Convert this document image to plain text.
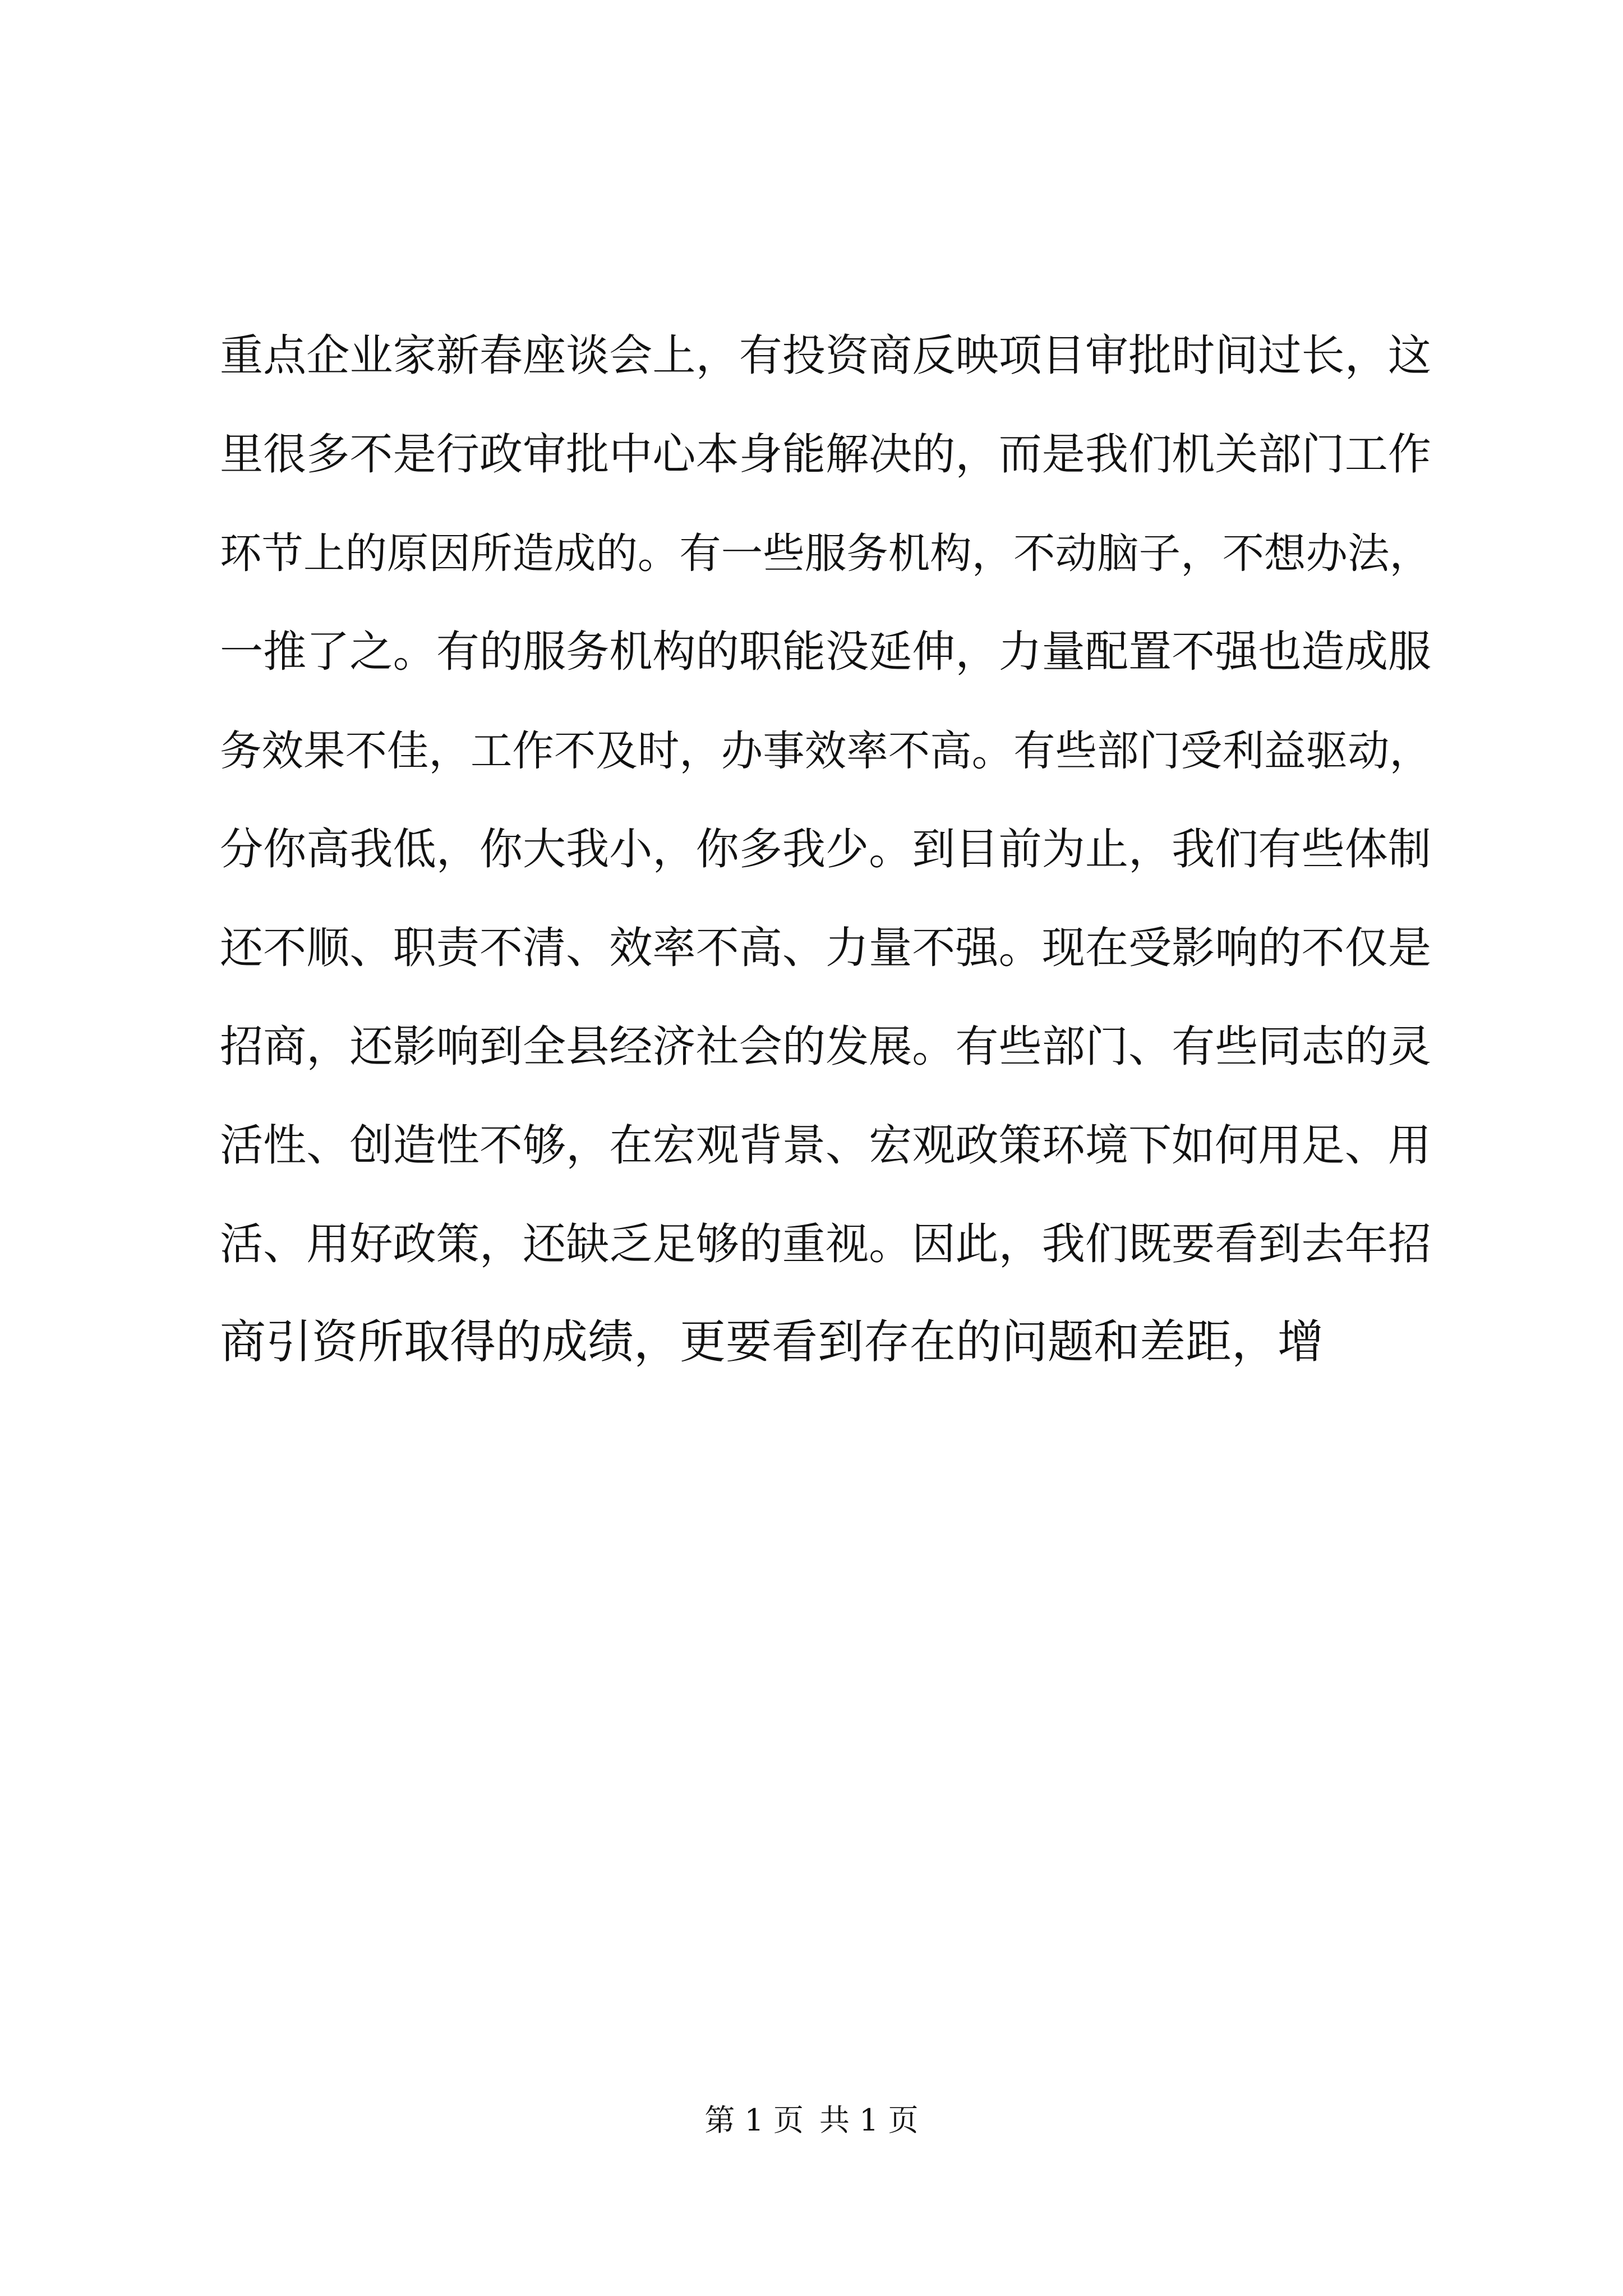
重点企业家新春座谈会上，有投资商反映项目审批时间过长，这
里很多不是行政审批中心本身能解决的，而是我们机关部门工作
环节上的原因所造成的。有一些服务机构，不动脑子，不想办法，
一推了之。有的服务机构的职能没延伸，力量配置不强也造成服
务效果不佳，工作不及时，办事效率不高。有些部门受利益驱动，
分你高我低，你大我小，你多我少。到目前为止，我们有些体制
还不顺、职责不清、效率不高、力量不强。现在受影响的不仅是
招商，还影响到全县经济社会的发展。有些部门、有些同志的灵
活性、创造性不够，在宏观背景、宏观政策环境下如何用足、用
活、用好政策，还缺乏足够的重视。因此，我们既要看到去年招
商引资所取得的成绩，更要看到存在的问题和差距，增
第 1 页 共 1 页
